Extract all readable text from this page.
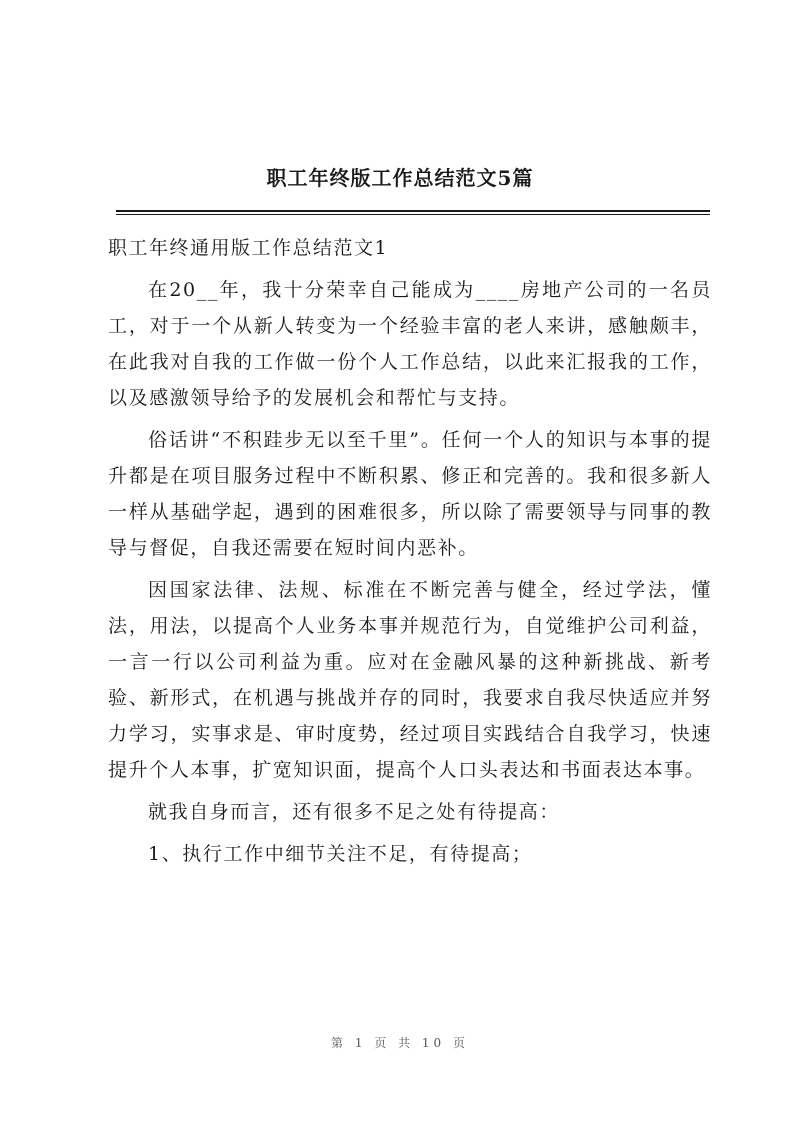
职工年终版工作总结范文5篇

职工年终通用版工作总结范文1

在20__年，我十分荣幸自己能成为____房地产公司的一名员工，对于一个从新人转变为一个经验丰富的老人来讲，感触颇丰，在此我对自我的工作做一份个人工作总结，以此来汇报我的工作，以及感激领导给予的发展机会和帮忙与支持。

俗话讲“不积跬步无以至千里”。任何一个人的知识与本事的提升都是在项目服务过程中不断积累、修正和完善的。我和很多新人一样从基础学起，遇到的困难很多，所以除了需要领导与同事的教导与督促，自我还需要在短时间内恶补。

因国家法律、法规、标准在不断完善与健全，经过学法，懂法，用法，以提高个人业务本事并规范行为，自觉维护公司利益，一言一行以公司利益为重。应对在金融风暴的这种新挑战、新考验、新形式，在机遇与挑战并存的同时，我要求自我尽快适应并努力学习，实事求是、审时度势，经过项目实践结合自我学习，快速提升个人本事，扩宽知识面，提高个人口头表达和书面表达本事。

就我自身而言，还有很多不足之处有待提高：

1、执行工作中细节关注不足，有待提高；

第 1 页 共 10 页
